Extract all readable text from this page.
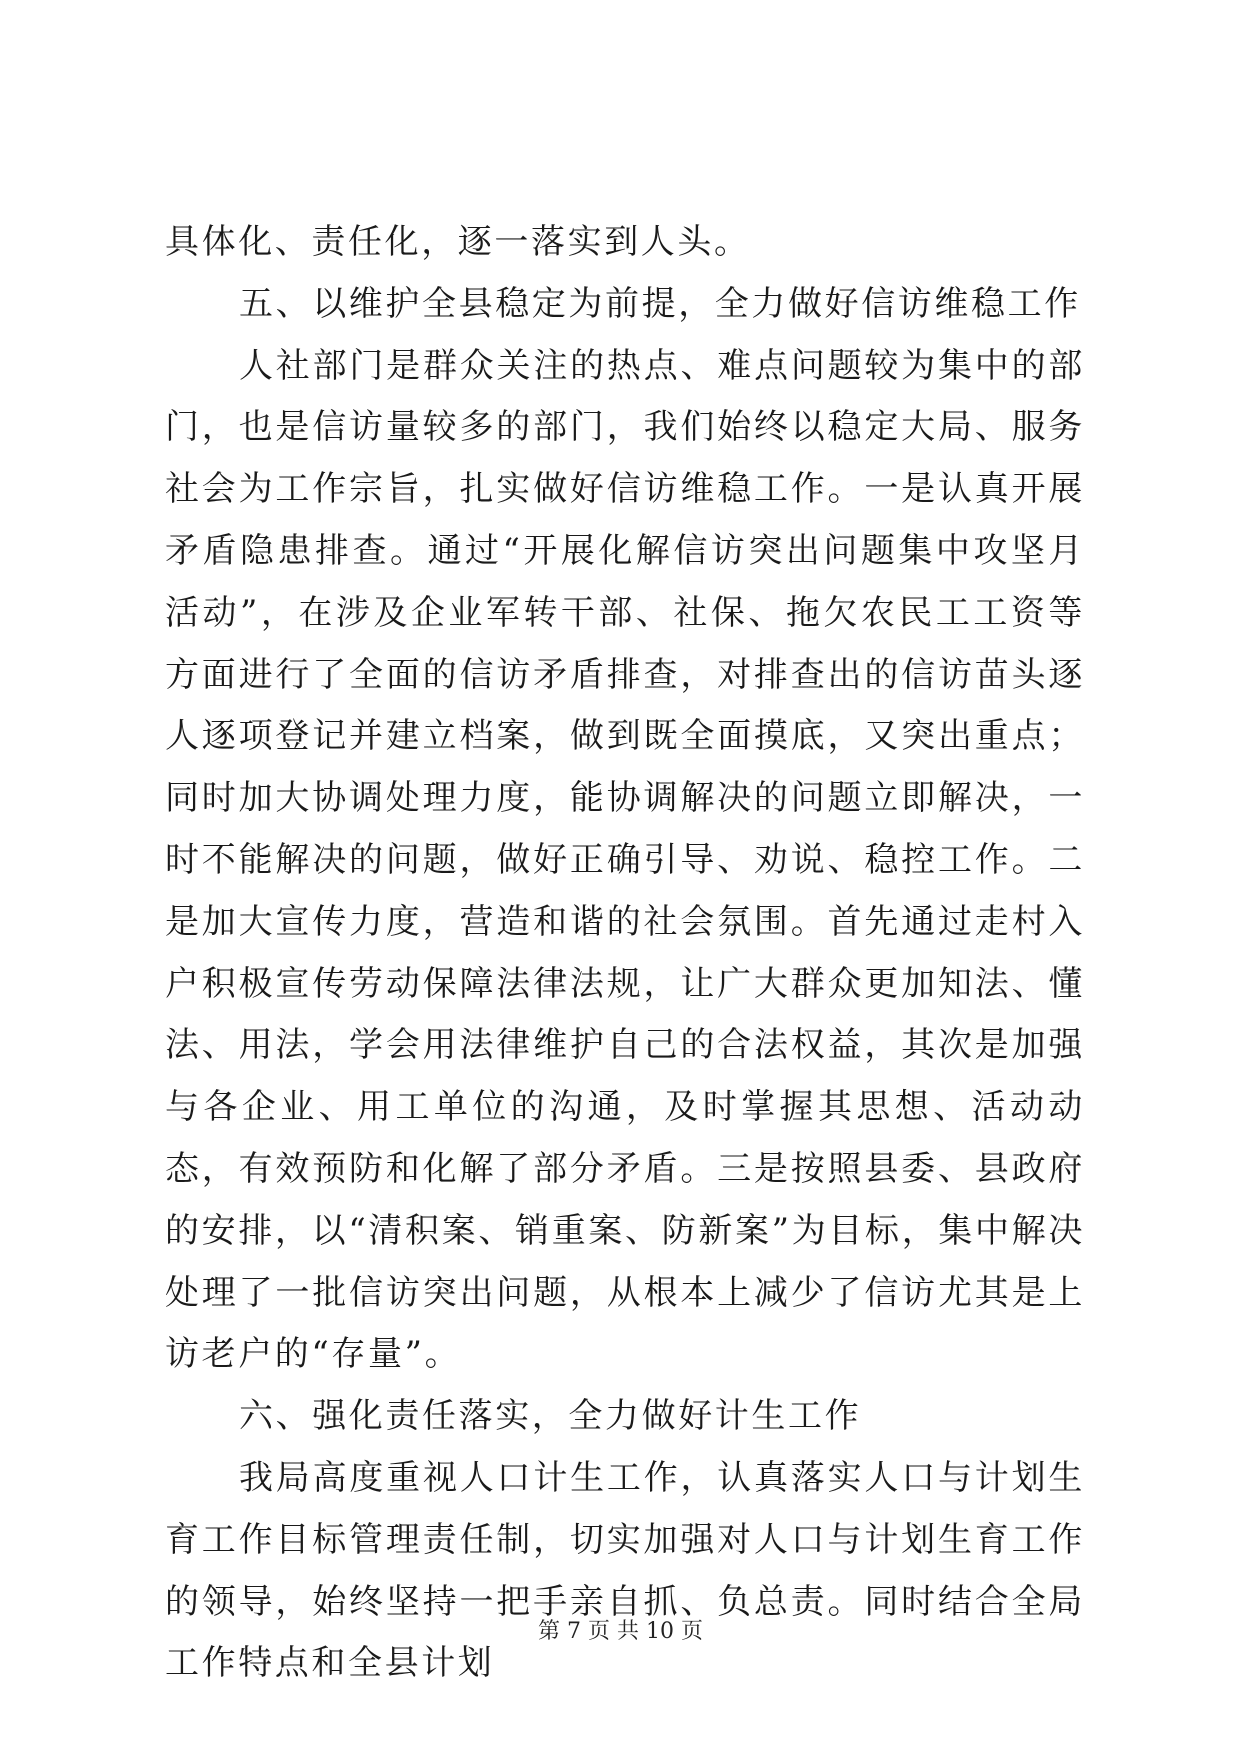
具体化、责任化，逐一落实到人头。

五、以维护全县稳定为前提，全力做好信访维稳工作

人社部门是群众关注的热点、难点问题较为集中的部门，也是信访量较多的部门，我们始终以稳定大局、服务社会为工作宗旨，扎实做好信访维稳工作。一是认真开展矛盾隐患排查。通过“开展化解信访突出问题集中攻坚月活动”，在涉及企业军转干部、社保、拖欠农民工工资等方面进行了全面的信访矛盾排查，对排查出的信访苗头逐人逐项登记并建立档案，做到既全面摸底，又突出重点；同时加大协调处理力度，能协调解决的问题立即解决，一时不能解决的问题，做好正确引导、劝说、稳控工作。二是加大宣传力度，营造和谐的社会氛围。首先通过走村入户积极宣传劳动保障法律法规，让广大群众更加知法、懂法、用法，学会用法律维护自己的合法权益，其次是加强与各企业、用工单位的沟通，及时掌握其思想、活动动态，有效预防和化解了部分矛盾。三是按照县委、县政府的安排，以“清积案、销重案、防新案”为目标，集中解决处理了一批信访突出问题，从根本上减少了信访尤其是上访老户的“存量”。

六、强化责任落实，全力做好计生工作

我局高度重视人口计生工作，认真落实人口与计划生育工作目标管理责任制，切实加强对人口与计划生育工作的领导，始终坚持一把手亲自抓、负总责。同时结合全局工作特点和全县计划

第 7 页 共 10 页
